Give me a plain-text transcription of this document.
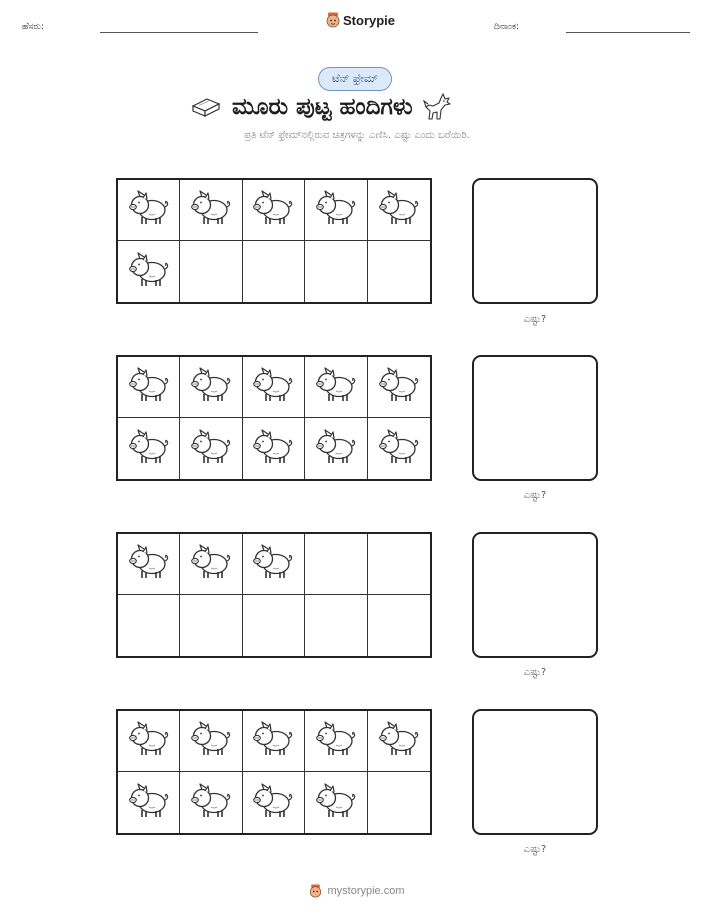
ಹೆಸರು:	Storypie	ದಿನಾಂಕ:
ಟೆನ್ ಫ್ರೇಮ್
ಮೂರು ಪುಟ್ಟ ಹಂದಿಗಳು
ಪ್ರತಿ ಟೆನ್ ಫ್ರೇಮ್‌ನಲ್ಲಿರುವ ಚಿತ್ರಗಳನ್ನು ಎಣಿಸಿ. ಎಷ್ಟು ಎಂದು ಬರೆಯಿರಿ.
ಎಷ್ಟು?
ಎಷ್ಟು?
ಎಷ್ಟು?
ಎಷ್ಟು?
mystorypie.com
